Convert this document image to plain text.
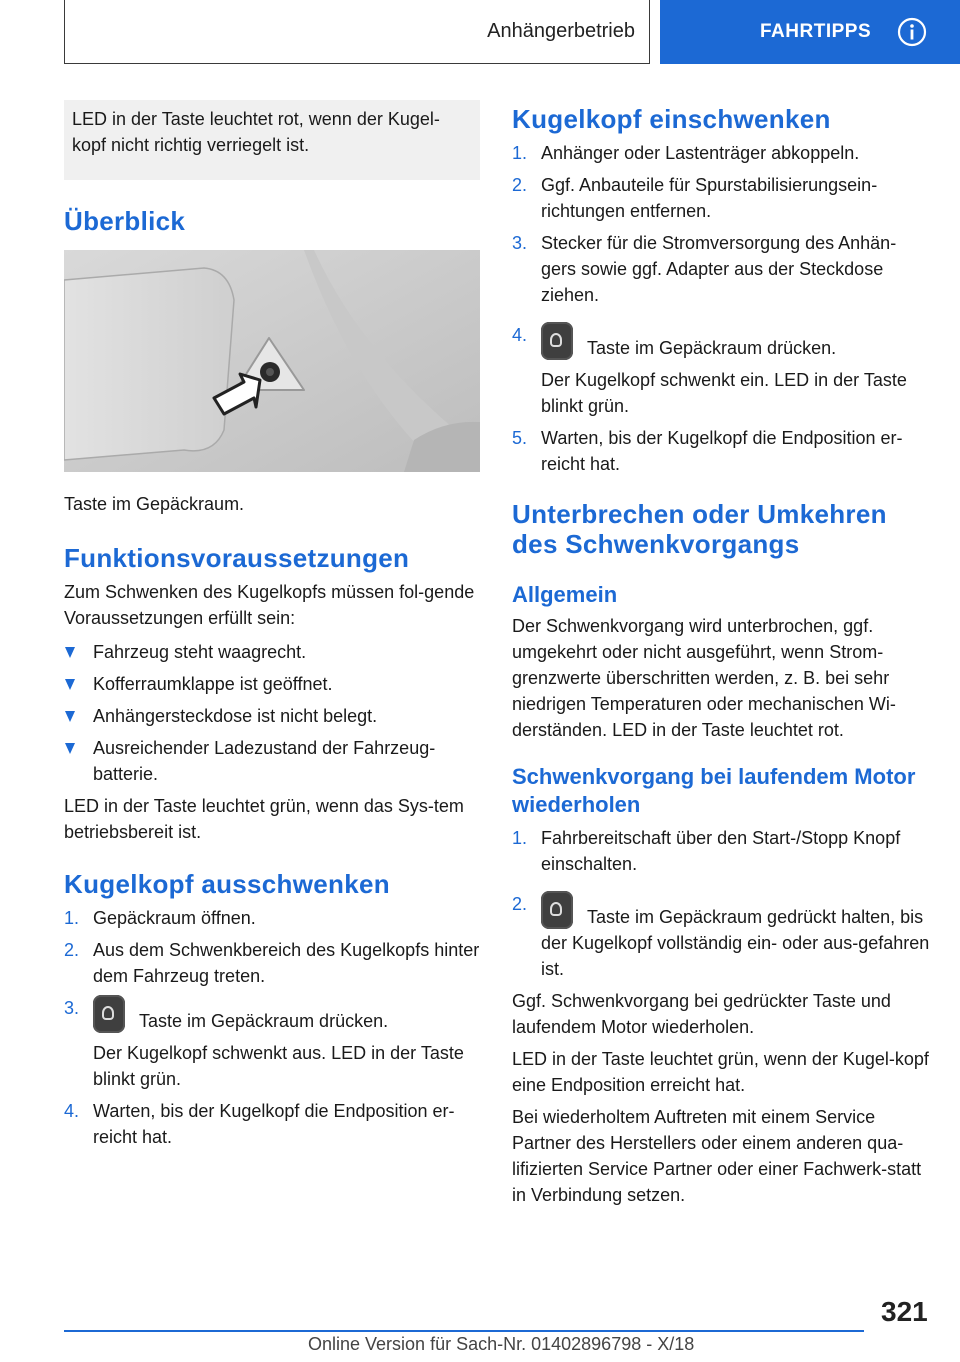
Anhängerbetrieb	FAHRTIPPS

LED in der Taste leuchtet rot, wenn der Kugel-kopf nicht richtig verriegelt ist.

Überblick

Taste im Gepäckraum.

Funktionsvoraussetzungen

Zum Schwenken des Kugelkopfs müssen fol-gende Voraussetzungen erfüllt sein:

Fahrzeug steht waagrecht.
Kofferraumklappe ist geöffnet.
Anhängersteckdose ist nicht belegt.
Ausreichender Ladezustand der Fahrzeug-batterie.

LED in der Taste leuchtet grün, wenn das Sys-tem betriebsbereit ist.

Kugelkopf ausschwenken
1. Gepäckraum öffnen.
2. Aus dem Schwenkbereich des Kugelkopfs hinter dem Fahrzeug treten.
3.
Taste im Gepäckraum drücken.

Der Kugelkopf schwenkt aus. LED in der Taste blinkt grün.

4. Warten, bis der Kugelkopf die Endposition er-reicht hat.
Kugelkopf einschwenken
1. Anhänger oder Lastenträger abkoppeln.
2. Ggf. Anbauteile für Spurstabilisierungsein-richtungen entfernen.
3. Stecker für die Stromversorgung des Anhän-gers sowie ggf. Adapter aus der Steckdose ziehen.
4.
Taste im Gepäckraum drücken.

Der Kugelkopf schwenkt ein. LED in der Taste blinkt grün.

5. Warten, bis der Kugelkopf die Endposition er-reicht hat.
Unterbrechen oder Umkehren des Schwenkvorgangs
Allgemein

Der Schwenkvorgang wird unterbrochen, ggf. umgekehrt oder nicht ausgeführt, wenn Strom-grenzwerte überschritten werden, z. B. bei sehr niedrigen Temperaturen oder mechanischen Wi-derständen. LED in der Taste leuchtet rot.

Schwenkvorgang bei laufendem Motor wiederholen
1. Fahrbereitschaft über den Start-/Stopp Knopf einschalten.
2.
Taste im Gepäckraum gedrückt halten, bis der Kugelkopf vollständig ein- oder aus-gefahren ist.

Ggf. Schwenkvorgang bei gedrückter Taste und laufendem Motor wiederholen.

LED in der Taste leuchtet grün, wenn der Kugel-kopf eine Endposition erreicht hat.

Bei wiederholtem Auftreten mit einem Service Partner des Herstellers oder einem anderen qua-lifizierten Service Partner oder einer Fachwerk-statt in Verbindung setzen.

321
Online Version für Sach-Nr. 01402896798 - X/18
